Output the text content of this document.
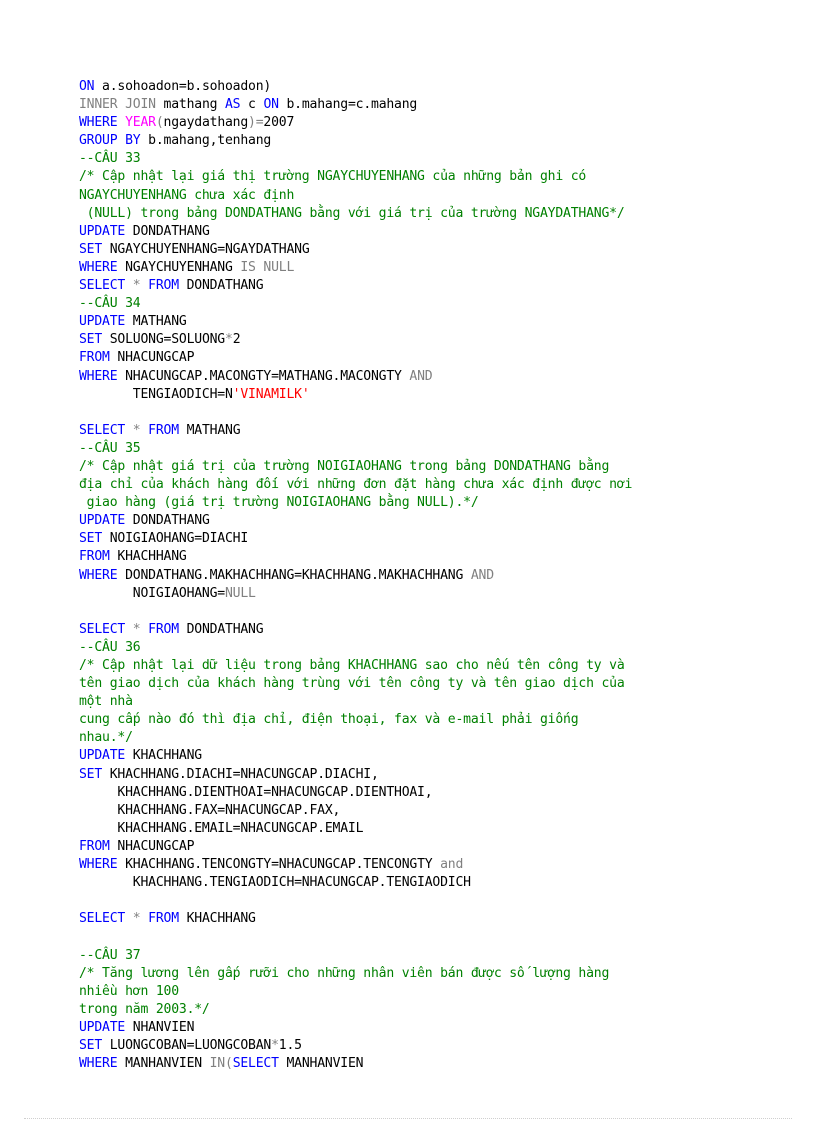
ON a.sohoadon=b.sohoadon)
INNER JOIN mathang AS c ON b.mahang=c.mahang
WHERE YEAR(ngaydathang)=2007
GROUP BY b.mahang,tenhang
--CÂU 33
/* Cập nhật lại giá thị trường NGAYCHUYENHANG của những bản ghi có
NGAYCHUYENHANG chưa xác định
(NULL) trong bảng DONDATHANG bằng với giá trị của trường NGAYDATHANG*/
UPDATE DONDATHANG
SET NGAYCHUYENHANG=NGAYDATHANG
WHERE NGAYCHUYENHANG IS NULL
SELECT * FROM DONDATHANG
--CÂU 34
UPDATE MATHANG
SET SOLUONG=SOLUONG*2
FROM NHACUNGCAP
WHERE NHACUNGCAP.MACONGTY=MATHANG.MACONGTY AND
TENGIAODICH=N'VINAMILK'
SELECT * FROM MATHANG
--CÂU 35
/* Cập nhật giá trị của trường NOIGIAOHANG trong bảng DONDATHANG bằng
địa chỉ của khách hàng đối với những đơn đặt hàng chưa xác định được nơi
giao hàng (giá trị trường NOIGIAOHANG bằng NULL).*/
UPDATE DONDATHANG
SET NOIGIAOHANG=DIACHI
FROM KHACHHANG
WHERE DONDATHANG.MAKHACHHANG=KHACHHANG.MAKHACHHANG AND
NOIGIAOHANG=NULL
SELECT * FROM DONDATHANG
--CÂU 36
/* Cập nhật lại dữ liệu trong bảng KHACHHANG sao cho nếu tên công ty và
tên giao dịch của khách hàng trùng với tên công ty và tên giao dịch của
một nhà
cung cấp nào đó thì địa chỉ, điện thoại, fax và e-mail phải giống
nhau.*/
UPDATE KHACHHANG
SET KHACHHANG.DIACHI=NHACUNGCAP.DIACHI,
KHACHHANG.DIENTHOAI=NHACUNGCAP.DIENTHOAI,
KHACHHANG.FAX=NHACUNGCAP.FAX,
KHACHHANG.EMAIL=NHACUNGCAP.EMAIL
FROM NHACUNGCAP
WHERE KHACHHANG.TENCONGTY=NHACUNGCAP.TENCONGTY and
KHACHHANG.TENGIAODICH=NHACUNGCAP.TENGIAODICH
SELECT * FROM KHACHHANG
--CÂU 37
/* Tăng lương lên gấp rưỡi cho những nhân viên bán được số lượng hàng
nhiều hơn 100
trong năm 2003.*/
UPDATE NHANVIEN
SET LUONGCOBAN=LUONGCOBAN*1.5
WHERE MANHANVIEN IN(SELECT MANHANVIEN
